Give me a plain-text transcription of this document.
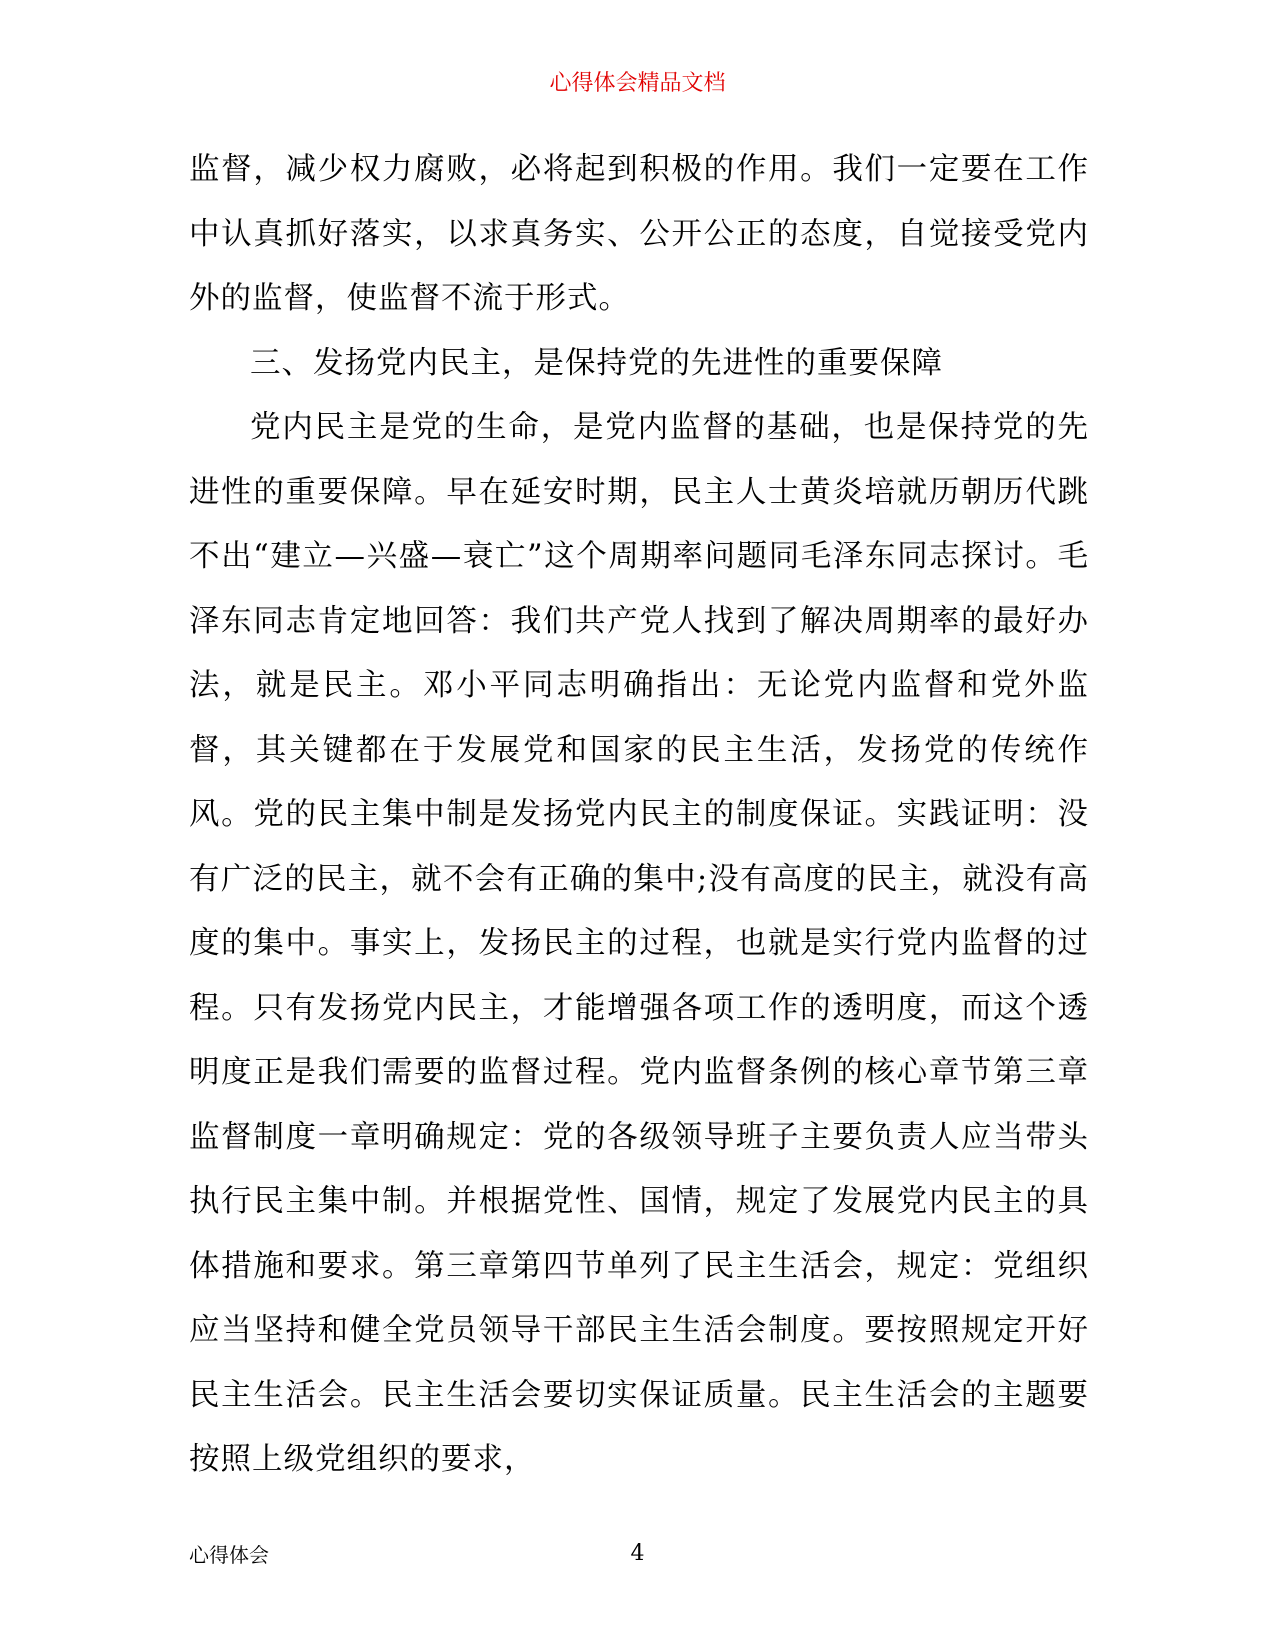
心得体会精品文档

监督，减少权力腐败，必将起到积极的作用。我们一定要在工作中认真抓好落实，以求真务实、公开公正的态度，自觉接受党内外的监督，使监督不流于形式。

三、发扬党内民主，是保持党的先进性的重要保障

党内民主是党的生命，是党内监督的基础，也是保持党的先进性的重要保障。早在延安时期，民主人士黄炎培就历朝历代跳不出“建立—兴盛—衰亡”这个周期率问题同毛泽东同志探讨。毛泽东同志肯定地回答：我们共产党人找到了解决周期率的最好办法，就是民主。邓小平同志明确指出：无论党内监督和党外监督，其关键都在于发展党和国家的民主生活，发扬党的传统作风。党的民主集中制是发扬党内民主的制度保证。实践证明：没有广泛的民主，就不会有正确的集中;没有高度的民主，就没有高度的集中。事实上，发扬民主的过程，也就是实行党内监督的过程。只有发扬党内民主，才能增强各项工作的透明度，而这个透明度正是我们需要的监督过程。党内监督条例的核心章节第三章监督制度一章明确规定：党的各级领导班子主要负责人应当带头执行民主集中制。并根据党性、国情，规定了发展党内民主的具体措施和要求。第三章第四节单列了民主生活会，规定：党组织应当坚持和健全党员领导干部民主生活会制度。要按照规定开好民主生活会。民主生活会要切实保证质量。民主生活会的主题要按照上级党组织的要求，

心得体会	4
